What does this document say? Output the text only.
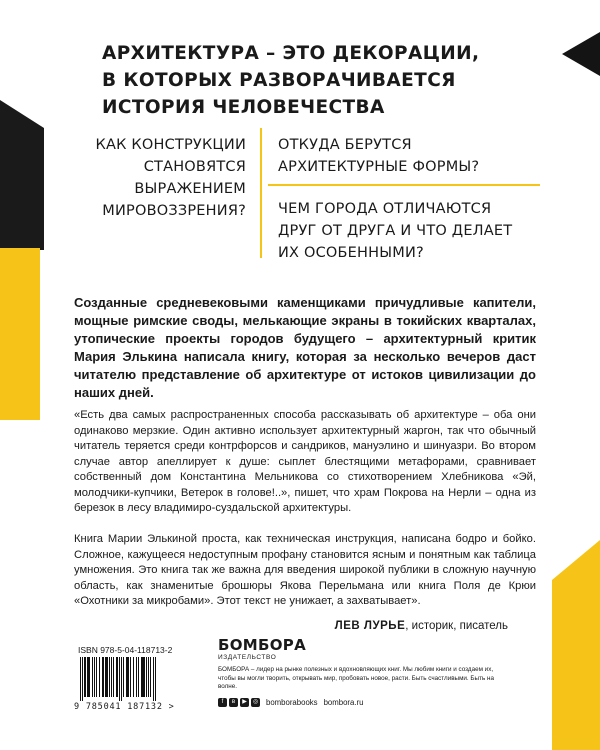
АРХИТЕКТУРА – ЭТО ДЕКОРАЦИИ,
В КОТОРЫХ РАЗВОРАЧИВАЕТСЯ
ИСТОРИЯ ЧЕЛОВЕЧЕСТВА

КАК КОНСТРУКЦИИ
СТАНОВЯТСЯ
ВЫРАЖЕНИЕМ
МИРОВОЗЗРЕНИЯ?

ОТКУДА БЕРУТСЯ
АРХИТЕКТУРНЫЕ ФОРМЫ?

ЧЕМ ГОРОДА ОТЛИЧАЮТСЯ
ДРУГ ОТ ДРУГА И ЧТО ДЕЛАЕТ
ИХ ОСОБЕННЫМИ?

Созданные средневековыми каменщиками причудливые капители, мощные римские своды, мелькающие экраны в токийских кварталах, утопические проекты городов будущего – архитектурный критик Мария Элькина написала книгу, которая за несколько вечеров даст читателю представление об архитектуре от истоков цивилизации до наших дней.

«Есть два самых распространенных способа рассказывать об архитектуре – оба они одинаково мерзкие. Один активно использует архитектурный жаргон, так что обычный читатель теряется среди контрфорсов и сандриков, мануэлино и шинуазри. Во втором случае автор апеллирует к душе: сыплет блестящими метафорами, сравнивает собственный дом Константина Мельникова со стихотворением Хлебникова «Эй, молодчики-купчики, Ветерок в голове!..», пишет, что храм Покрова на Нерли – одна из березок в лесу владимиро-суздальской архитектуры.

Книга Марии Элькиной проста, как техническая инструкция, написана бодро и бойко. Сложное, кажущееся недоступным профану становится ясным и понятным как таблица умножения. Это книга так же важна для введения широкой публики в сложную научную область, как знаменитые брошюры Якова Перельмана или книга Поля де Крюи «Охотники за микробами». Этот текст не унижает, а захватывает».

ЛЕВ ЛУРЬЕ, историк, писатель

ISBN 978-5-04-118713-2

9 785041 187132 >

БОМБОРА

ИЗДАТЕЛЬСТВО

БОМБОРА – лидер на рынке полезных и вдохновляющих книг. Мы любим книги и создаем их, чтобы вы могли творить, открывать мир, пробовать новое, расти. Быть счастливыми. Быть на волне.

f	в	▶	◎ bomborabooks bombora.ru
